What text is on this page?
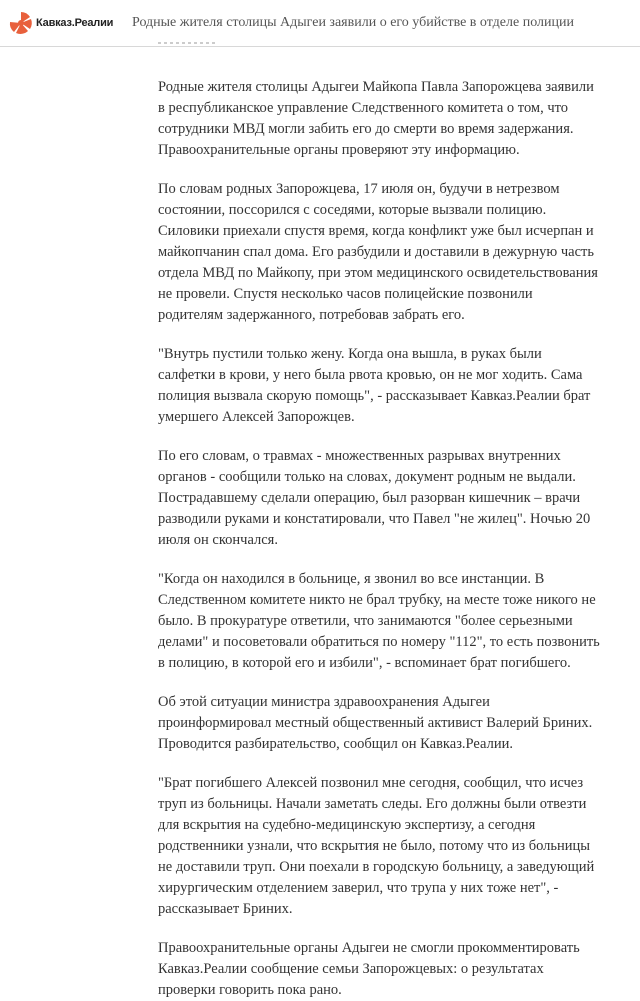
Кавказ.Реалии Родные жителя столицы Адыгеи заявили о его убийстве в отделе полиции

Родные жителя столицы Адыгеи Майкопа Павла Запорожцева заявили в республиканское управление Следственного комитета о том, что сотрудники МВД могли забить его до смерти во время задержания. Правоохранительные органы проверяют эту информацию.

По словам родных Запорожцева, 17 июля он, будучи в нетрезвом состоянии, поссорился с соседями, которые вызвали полицию. Силовики приехали спустя время, когда конфликт уже был исчерпан и майкопчанин спал дома. Его разбудили и доставили в дежурную часть отдела МВД по Майкопу, при этом медицинского освидетельствования не провели. Спустя несколько часов полицейские позвонили родителям задержанного, потребовав забрать его.

"Внутрь пустили только жену. Когда она вышла, в руках были салфетки в крови, у него была рвота кровью, он не мог ходить. Сама полиция вызвала скорую помощь", - рассказывает Кавказ.Реалии брат умершего Алексей Запорожцев.

По его словам, о травмах - множественных разрывах внутренних органов - сообщили только на словах, документ родным не выдали. Пострадавшему сделали операцию, был разорван кишечник – врачи разводили руками и констатировали, что Павел "не жилец". Ночью 20 июля он скончался.

"Когда он находился в больнице, я звонил во все инстанции. В Следственном комитете никто не брал трубку, на месте тоже никого не было. В прокуратуре ответили, что занимаются "более серьезными делами" и посоветовали обратиться по номеру "112", то есть позвонить в полицию, в которой его и избили", - вспоминает брат погибшего.

Об этой ситуации министра здравоохранения Адыгеи проинформировал местный общественный активист Валерий Бриних. Проводится разбирательство, сообщил он Кавказ.Реалии.

"Брат погибшего Алексей позвонил мне сегодня, сообщил, что исчез труп из больницы. Начали заметать следы. Его должны были отвезти для вскрытия на судебно-медицинскую экспертизу, а сегодня родственники узнали, что вскрытия не было, потому что из больницы не доставили труп. Они поехали в городскую больницу, а заведующий хирургическим отделением заверил, что трупа у них тоже нет", - рассказывает Бриних.

Правоохранительные органы Адыгеи не смогли прокомментировать Кавказ.Реалии сообщение семьи Запорожцевых: о результатах проверки говорить пока рано.
